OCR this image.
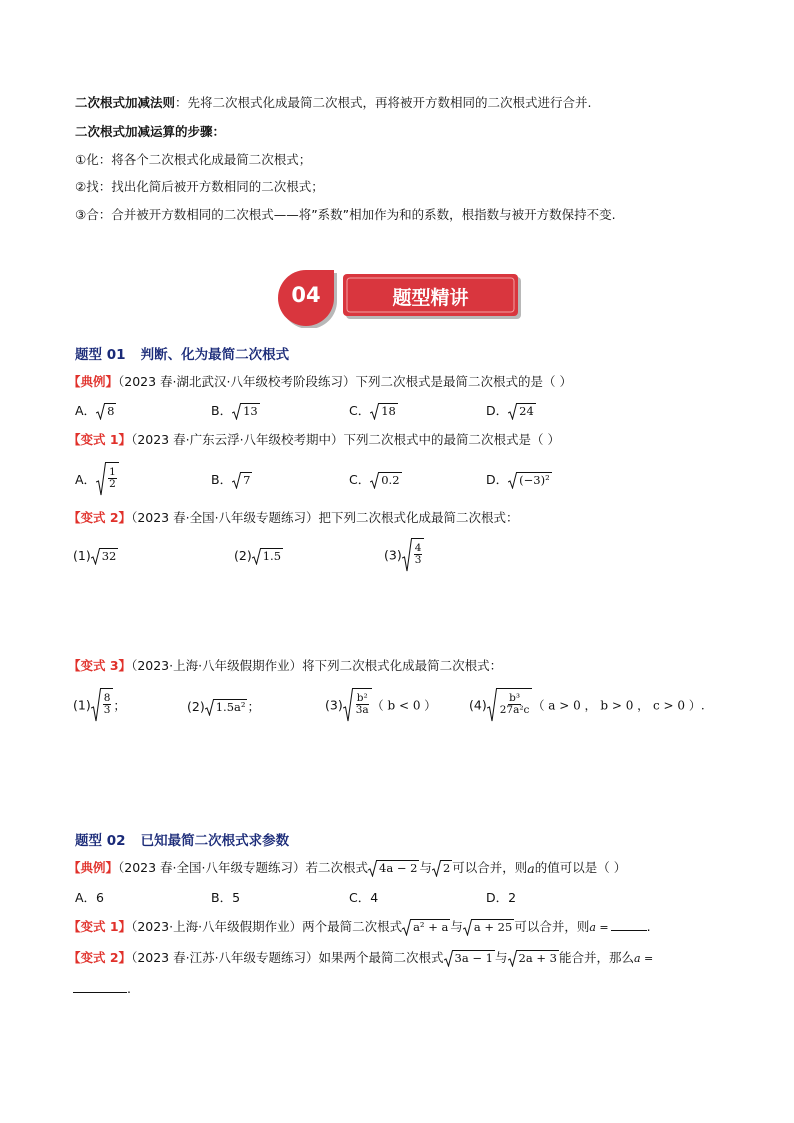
二次根式加减法则：先将二次根式化成最简二次根式，再将被开方数相同的二次根式进行合并.
二次根式加减运算的步骤：
①化：将各个二次根式化成最简二次根式；
②找：找出化简后被开方数相同的二次根式；
③合：合并被开方数相同的二次根式——将”系数”相加作为和的系数，根指数与被开方数保持不变.
04	题型精讲
题型 01 判断、化为最简二次根式
【典例】（2023 春·湖北武汉·八年级校考阶段练习）下列二次根式是最简二次根式的是（ ）
A． 8	B． 13	C． 18	D． 24
【变式 1】（2023 春·广东云浮·八年级校考期中）下列二次根式中的最简二次根式是（ ）
A． $\frac{1}{2}$	B． 7	C． 0.2	D． (−3)²
【变式 2】（2023 春·全国·八年级专题练习）把下列二次根式化成最简二次根式：
(1) 32	(2) 1.5	$(3) \frac{4}{3}$
【变式 3】（2023·上海·八年级假期作业）将下列二次根式化成最简二次根式：
$(1) \frac{8}{3}$ ；	(2) 1.5a² ；	$(3) \frac{\text{b²}}{3a}$ （ b < 0 ）	$(4) \frac{\text{b³}}{\text{27a²c}}$ （ a > 0 ， b > 0 ， c > 0 ）.
题型 02 已知最简二次根式求参数
【典例】（2023 春·全国·八年级专题练习）若二次根式 4a − 2 与 2 可以合并，则a的值可以是（ ）
A．6	B．5	C．4	D．2
【变式 1】（2023·上海·八年级假期作业）两个最简二次根式 a² + a 与 a + 25 可以合并，则a =	.
【变式 2】（2023 春·江苏·八年级专题练习）如果两个最简二次根式 3a − 1 与 2a + 3 能合并，那么a =
.
